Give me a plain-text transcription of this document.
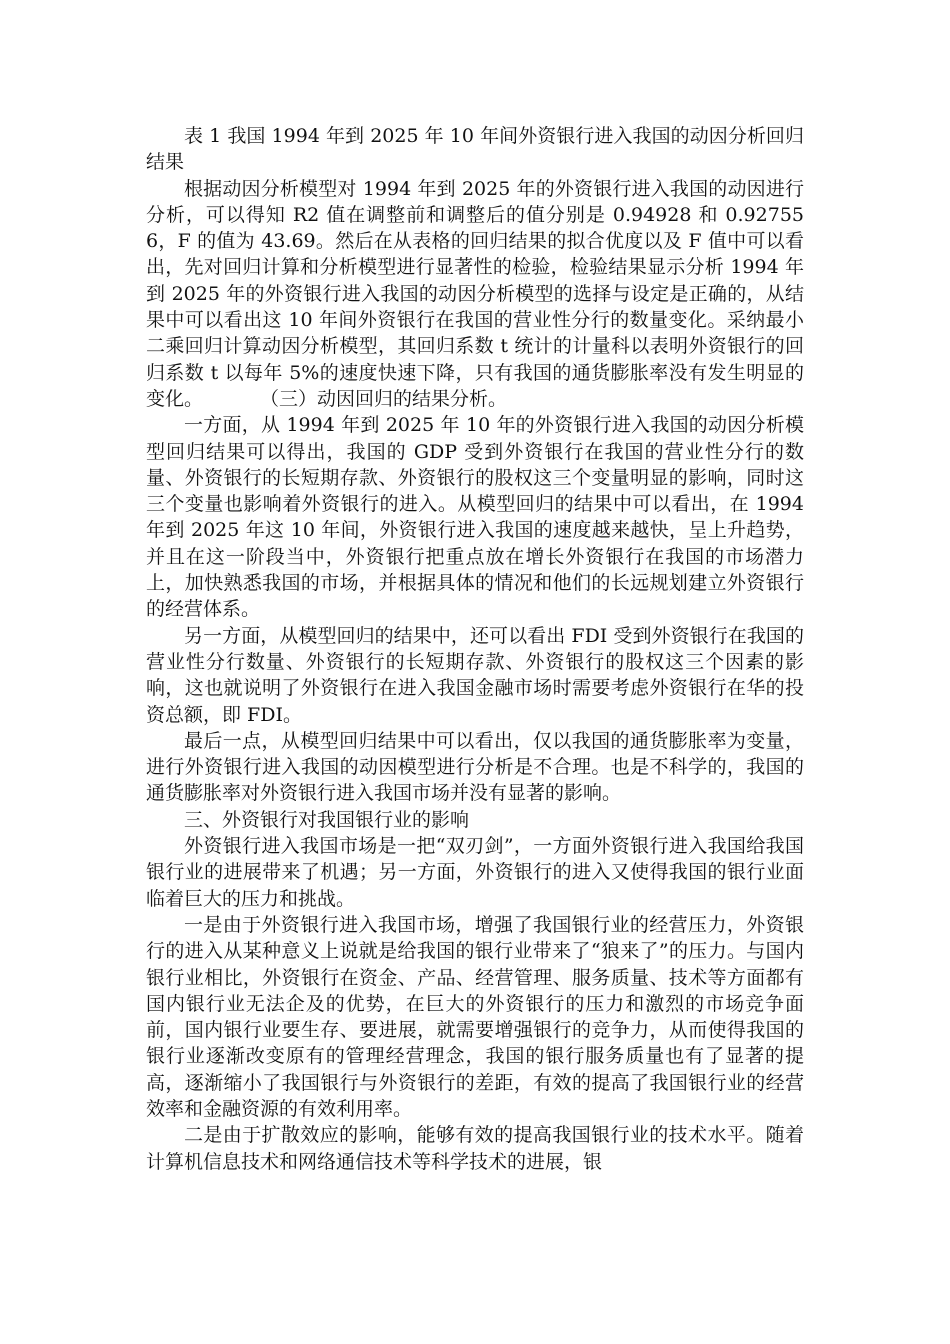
表 1 我国 1994 年到 2025 年 10 年间外资银行进入我国的动因分析回归结果

根据动因分析模型对 1994 年到 2025 年的外资银行进入我国的动因进行分析，可以得知 R2 值在调整前和调整后的值分别是 0.94928 和 0.927556，F 的值为 43.69。然后在从表格的回归结果的拟合优度以及 F 值中可以看出，先对回归计算和分析模型进行显著性的检验，检验结果显示分析 1994 年到 2025 年的外资银行进入我国的动因分析模型的选择与设定是正确的，从结果中可以看出这 10 年间外资银行在我国的营业性分行的数量变化。采纳最小二乘回归计算动因分析模型，其回归系数 t 统计的计量科以表明外资银行的回归系数 t 以每年 5%的速度快速下降，只有我国的通货膨胀率没有发生明显的变化。　　　　（三）动因回归的结果分析。

一方面，从 1994 年到 2025 年 10 年的外资银行进入我国的动因分析模型回归结果可以得出，我国的 GDP 受到外资银行在我国的营业性分行的数量、外资银行的长短期存款、外资银行的股权这三个变量明显的影响，同时这三个变量也影响着外资银行的进入。从模型回归的结果中可以看出，在 1994 年到 2025 年这 10 年间，外资银行进入我国的速度越来越快，呈上升趋势，并且在这一阶段当中，外资银行把重点放在增长外资银行在我国的市场潜力上，加快熟悉我国的市场，并根据具体的情况和他们的长远规划建立外资银行的经营体系。

另一方面，从模型回归的结果中，还可以看出 FDI 受到外资银行在我国的营业性分行数量、外资银行的长短期存款、外资银行的股权这三个因素的影响，这也就说明了外资银行在进入我国金融市场时需要考虑外资银行在华的投资总额，即 FDI。

最后一点，从模型回归结果中可以看出，仅以我国的通货膨胀率为变量，进行外资银行进入我国的动因模型进行分析是不合理。也是不科学的，我国的通货膨胀率对外资银行进入我国市场并没有显著的影响。

三、外资银行对我国银行业的影响

外资银行进入我国市场是一把“双刃剑”，一方面外资银行进入我国给我国银行业的进展带来了机遇；另一方面，外资银行的进入又使得我国的银行业面临着巨大的压力和挑战。

一是由于外资银行进入我国市场，增强了我国银行业的经营压力，外资银行的进入从某种意义上说就是给我国的银行业带来了“狼来了”的压力。与国内银行业相比，外资银行在资金、产品、经营管理、服务质量、技术等方面都有国内银行业无法企及的优势，在巨大的外资银行的压力和激烈的市场竞争面前，国内银行业要生存、要进展，就需要增强银行的竞争力，从而使得我国的银行业逐渐改变原有的管理经营理念，我国的银行服务质量也有了显著的提高，逐渐缩小了我国银行与外资银行的差距，有效的提高了我国银行业的经营效率和金融资源的有效利用率。

二是由于扩散效应的影响，能够有效的提高我国银行业的技术水平。随着计算机信息技术和网络通信技术等科学技术的进展，银
